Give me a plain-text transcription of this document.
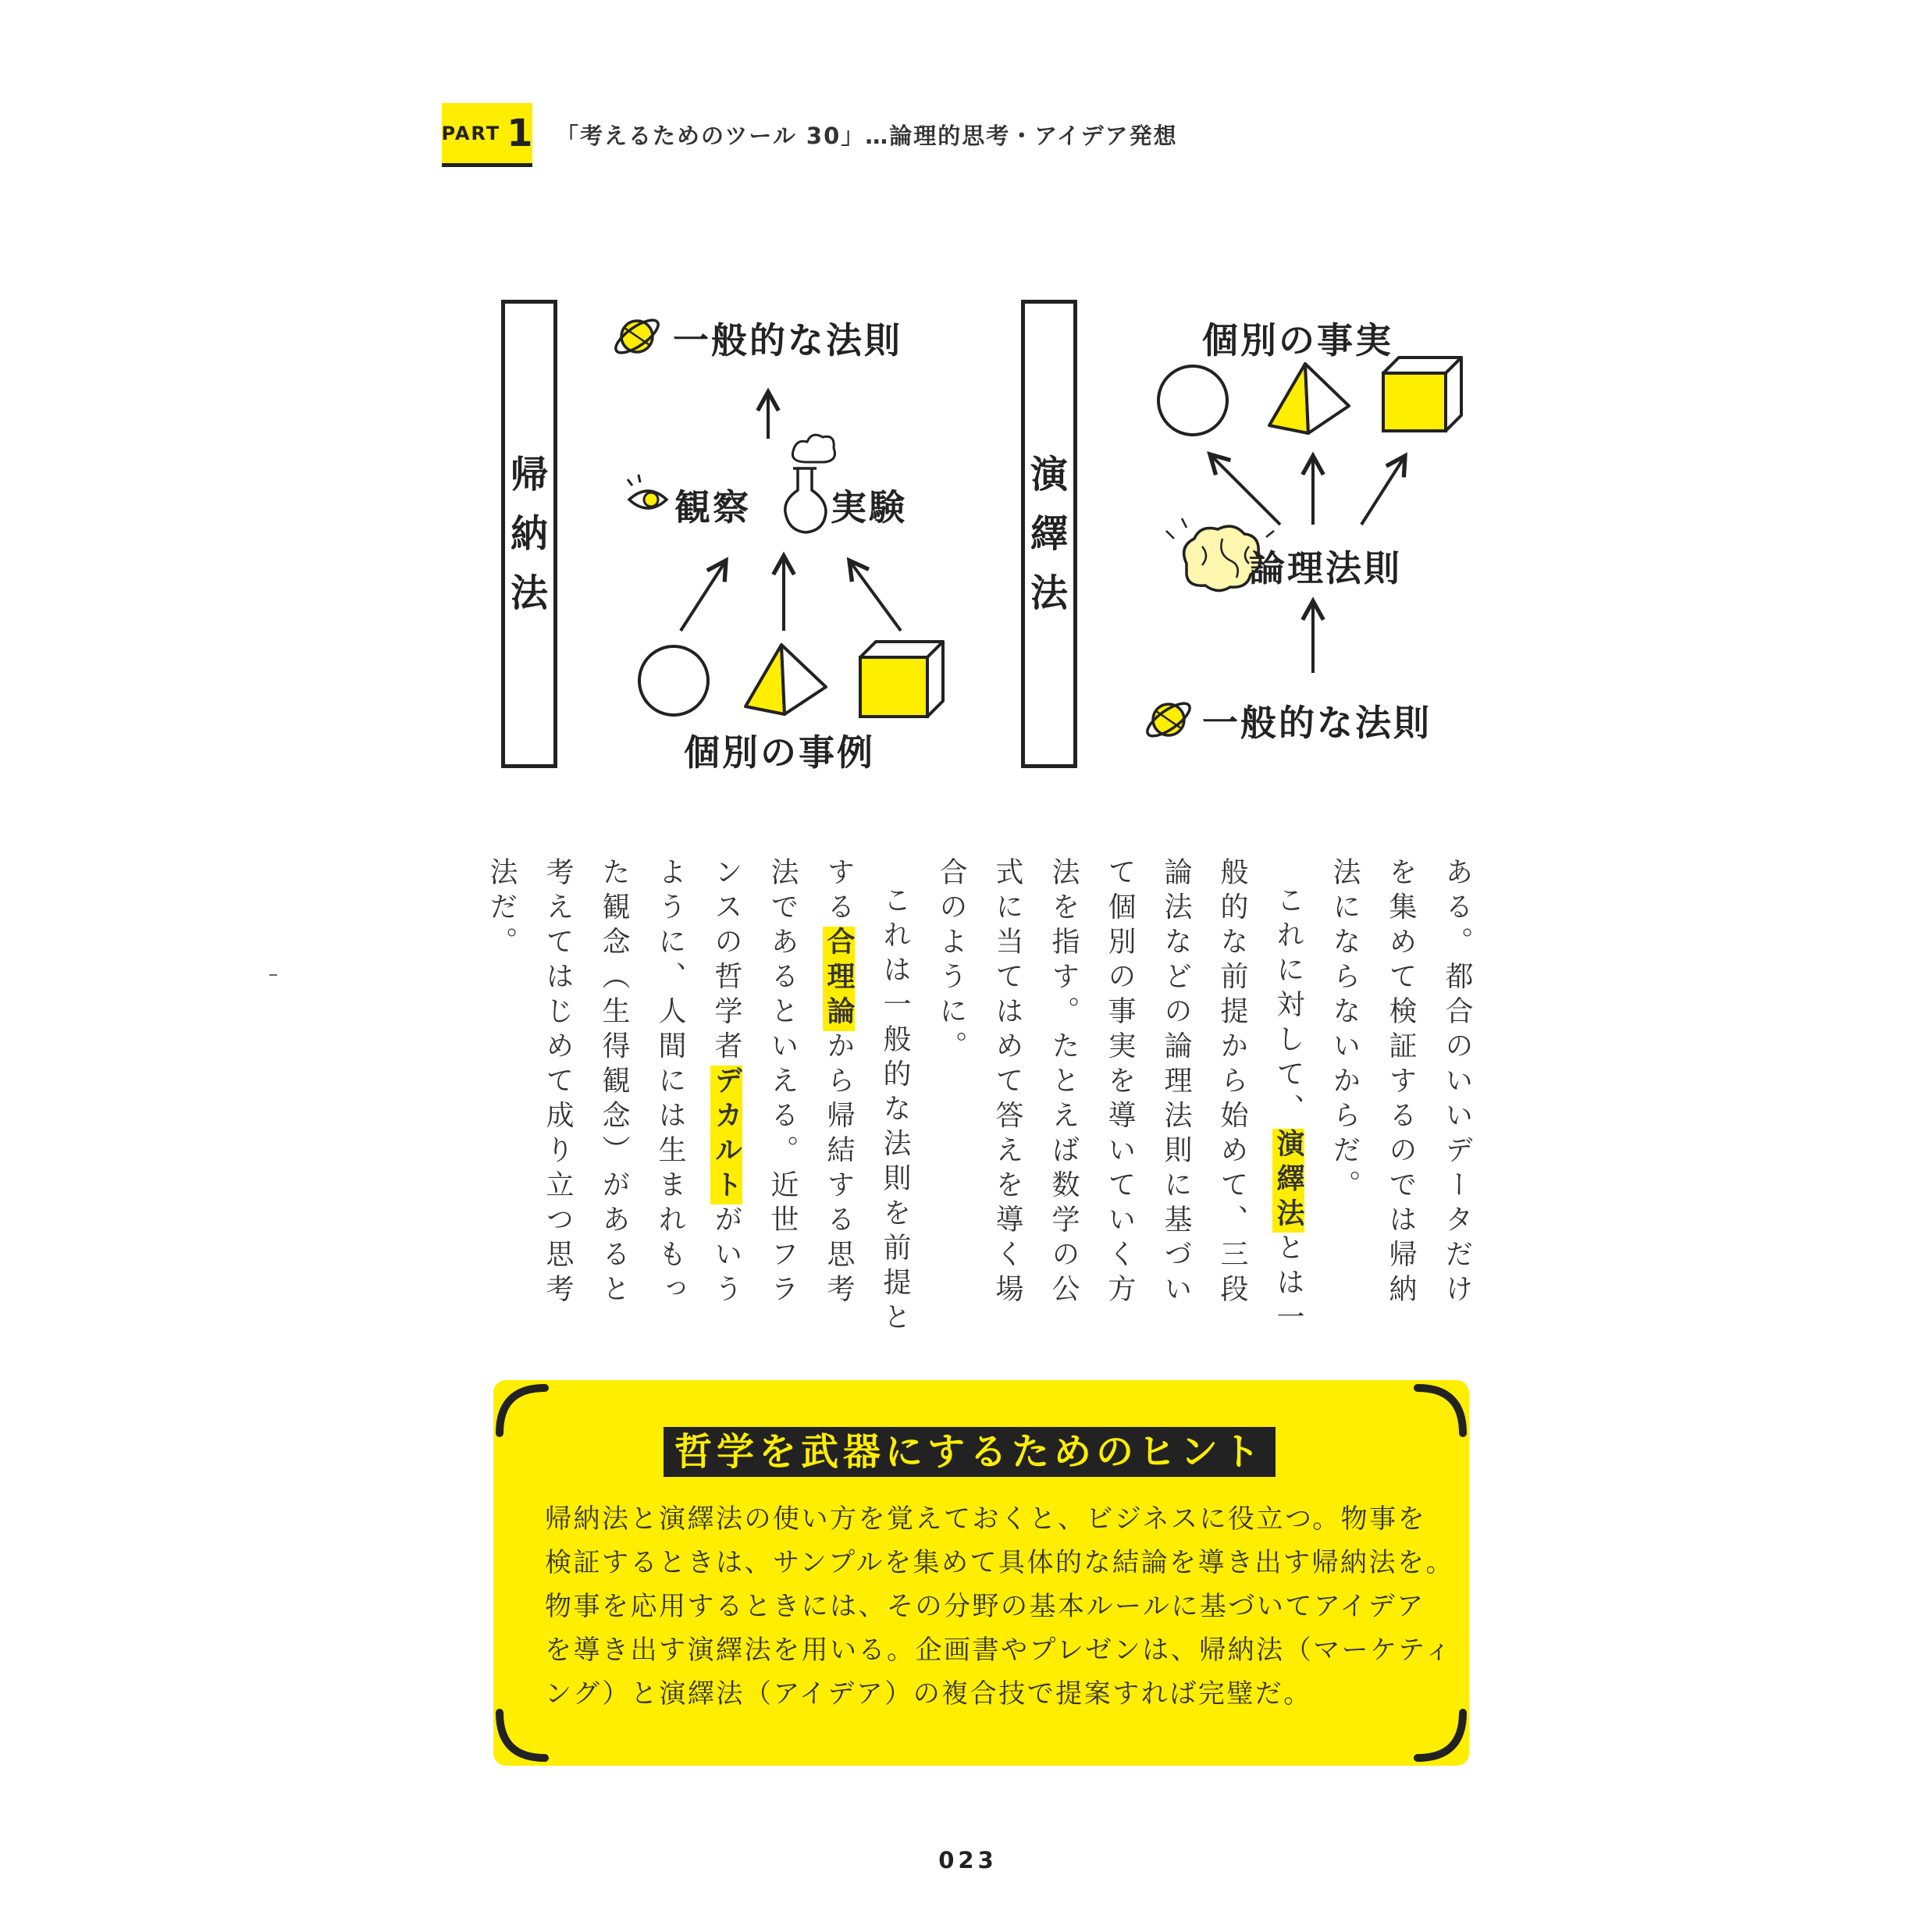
PART 1 「考えるためのツール 30」…論理的思考・アイデア発想
帰
納
法
演
繹
法
一般的な法則
観察 実験
個別の事例
個別の事実
論理法則
一般的な法則

ある。都合のいいデータだけを集めて検証するのでは帰納法にならないからだ。

これに対して、演繹法とは一般的な前提から始めて、三段論法などの論理法則に基づいて個別の事実を導いていく方法を指す。たとえば数学の公式に当てはめて答えを導く場合のように。

これは一般的な法則を前提とする合理論から帰結する思考法であるといえる。近世フランスの哲学者デカルトがいうように、人間には生まれもった観念（生得観念）があると考えてはじめて成り立つ思考法だ。

哲学を武器にするためのヒント
帰納法と演繹法の使い方を覚えておくと、ビジネスに役立つ。物事を
検証するときは、サンプルを集めて具体的な結論を導き出す帰納法を。
物事を応用するときには、その分野の基本ルールに基づいてアイデア
を導き出す演繹法を用いる。企画書やプレゼンは、帰納法（マーケティ
ング）と演繹法（アイデア）の複合技で提案すれば完璧だ。
023
